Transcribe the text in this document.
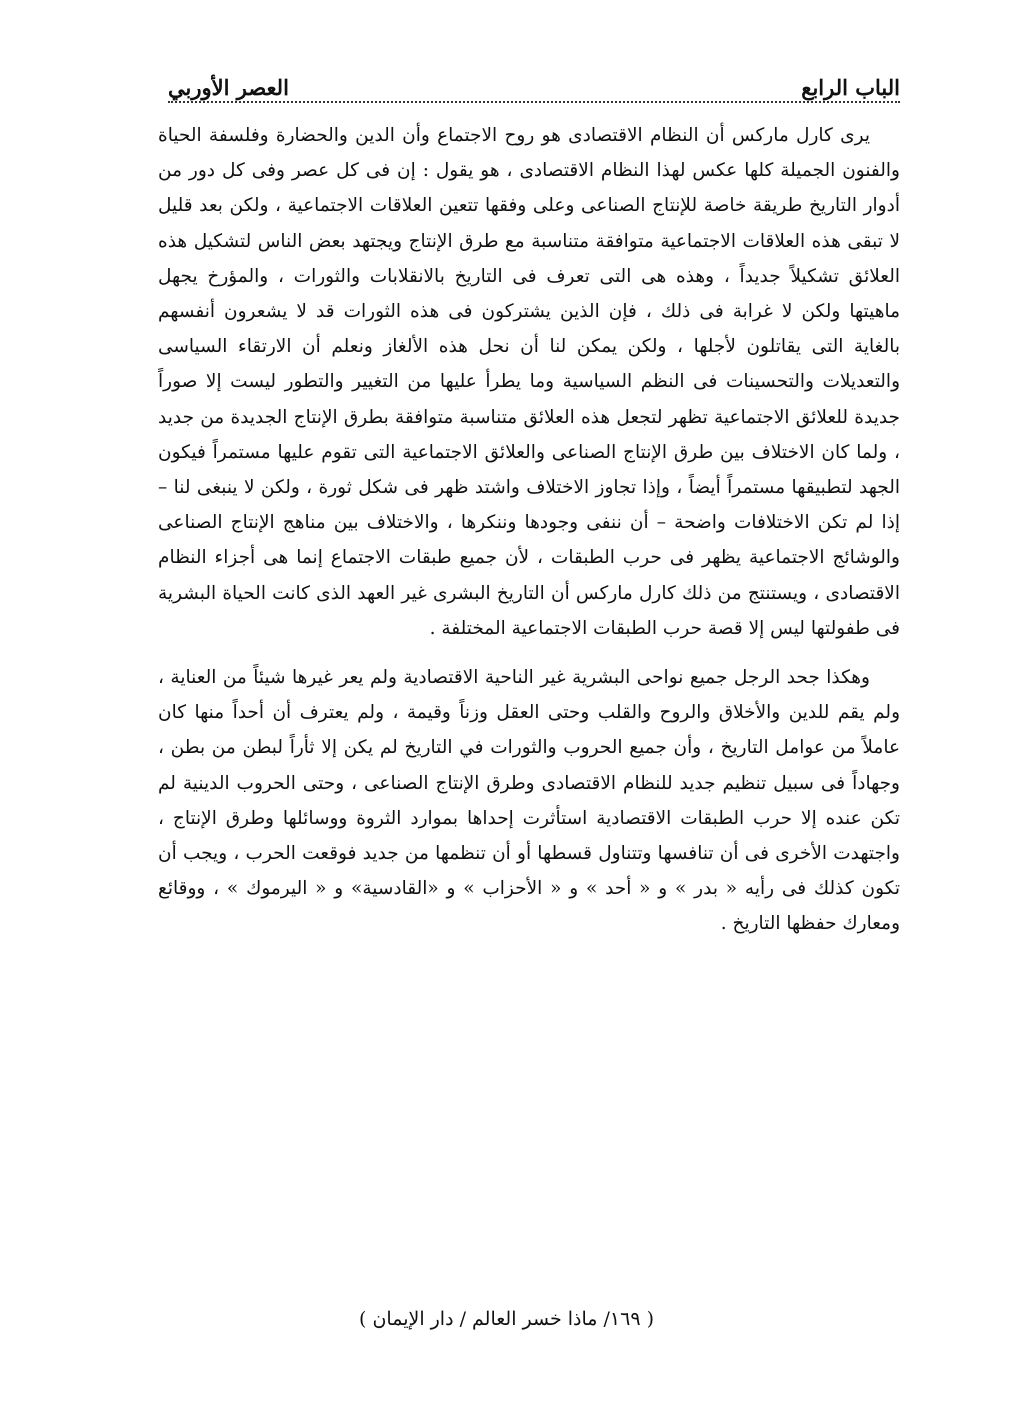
الباب الرابع
العصر الأوربي

يرى كارل ماركس أن النظام الاقتصادى هو روح الاجتماع وأن الدين والحضارة وفلسفة الحياة والفنون الجميلة كلها عكس لهذا النظام الاقتصادى ، هو يقول : إن فى كل عصر وفى كل دور من أدوار التاريخ طريقة خاصة للإنتاج الصناعى وعلى وفقها تتعين العلاقات الاجتماعية ، ولكن بعد قليل لا تبقى هذه العلاقات الاجتماعية متوافقة متناسبة مع طرق الإنتاج ويجتهد بعض الناس لتشكيل هذه العلائق تشكيلاً جديداً ، وهذه هى التى تعرف فى التاريخ بالانقلابات والثورات ، والمؤرخ يجهل ماهيتها ولكن لا غرابة فى ذلك ، فإن الذين يشتركون فى هذه الثورات قد لا يشعرون أنفسهم بالغاية التى يقاتلون لأجلها ، ولكن يمكن لنا أن نحل هذه الألغاز ونعلم أن الارتقاء السياسى والتعديلات والتحسينات فى النظم السياسية وما يطرأ عليها من التغيير والتطور ليست إلا صوراً جديدة للعلائق الاجتماعية تظهر لتجعل هذه العلائق متناسبة متوافقة بطرق الإنتاج الجديدة من جديد ، ولما كان الاختلاف بين طرق الإنتاج الصناعى والعلائق الاجتماعية التى تقوم عليها مستمراً فيكون الجهد لتطبيقها مستمراً أيضاً ، وإذا تجاوز الاختلاف واشتد ظهر فى شكل ثورة ، ولكن لا ينبغى لنا – إذا لم تكن الاختلافات واضحة – أن ننفى وجودها وننكرها ، والاختلاف بين مناهج الإنتاج الصناعى والوشائج الاجتماعية يظهر فى حرب الطبقات ، لأن جميع طبقات الاجتماع إنما هى أجزاء النظام الاقتصادى ، ويستنتج من ذلك كارل ماركس أن التاريخ البشرى غير العهد الذى كانت الحياة البشرية فى طفولتها ليس إلا قصة حرب الطبقات الاجتماعية المختلفة .

وهكذا جحد الرجل جميع نواحى البشرية غير الناحية الاقتصادية ولم يعر غيرها شيئاً من العناية ، ولم يقم للدين والأخلاق والروح والقلب وحتى العقل وزناً وقيمة ، ولم يعترف أن أحداً منها كان عاملاً من عوامل التاريخ ، وأن جميع الحروب والثورات في التاريخ لم يكن إلا ثأراً لبطن من بطن ، وجهاداً فى سبيل تنظيم جديد للنظام الاقتصادى وطرق الإنتاج الصناعى ، وحتى الحروب الدينية لم تكن عنده إلا حرب الطبقات الاقتصادية استأثرت إحداها بموارد الثروة ووسائلها وطرق الإنتاج ، واجتهدت الأخرى فى أن تنافسها وتتناول قسطها أو أن تنظمها من جديد فوقعت الحرب ، ويجب أن تكون كذلك فى رأيه « بدر » و « أحد » و « الأحزاب » و «القادسية» و « اليرموك » ، ووقائع ومعارك حفظها التاريخ .

( ١٦٩/ ماذا خسر العالم / دار الإيمان )
